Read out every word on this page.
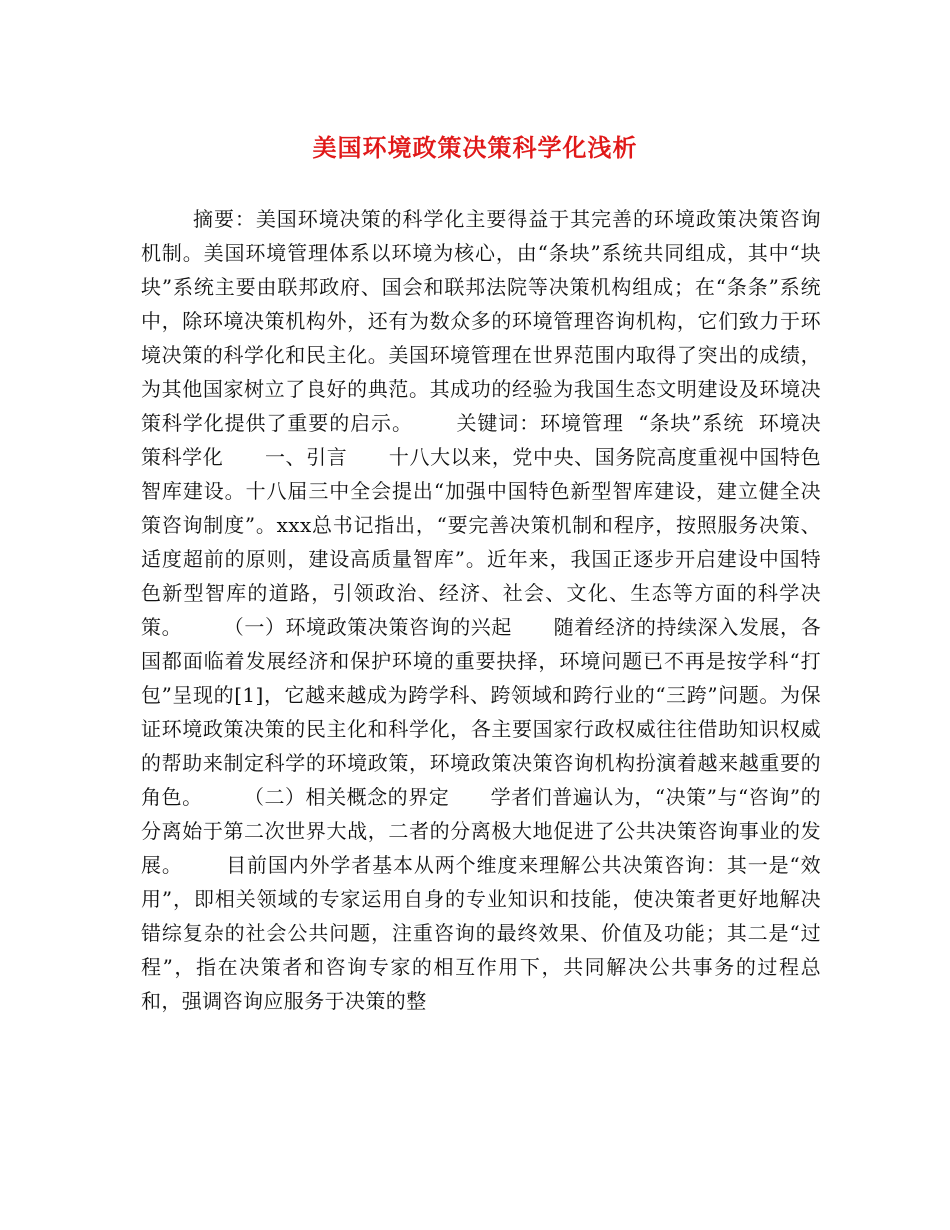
美国环境政策决策科学化浅析
摘要：美国环境决策的科学化主要得益于其完善的环境政策决策咨询机制。美国环境管理体系以环境为核心，由“条块”系统共同组成，其中“块块”系统主要由联邦政府、国会和联邦法院等决策机构组成；在“条条”系统中，除环境决策机构外，还有为数众多的环境管理咨询机构，它们致力于环境决策的科学化和民主化。美国环境管理在世界范围内取得了突出的成绩，为其他国家树立了良好的典范。其成功的经验为我国生态文明建设及环境决策科学化提供了重要的启示。      关键词：环境管理  “条块”系统  环境决策科学化      一、引言      十八大以来，党中央、国务院高度重视中国特色智库建设。十八届三中全会提出“加强中国特色新型智库建设，建立健全决策咨询制度”。xxx总书记指出，“要完善决策机制和程序，按照服务决策、适度超前的原则，建设高质量智库”。近年来，我国正逐步开启建设中国特色新型智库的道路，引领政治、经济、社会、文化、生态等方面的科学决策。      （一）环境政策决策咨询的兴起      随着经济的持续深入发展，各国都面临着发展经济和保护环境的重要抉择，环境问题已不再是按学科“打包”呈现的[1]，它越来越成为跨学科、跨领域和跨行业的“三跨”问题。为保证环境政策决策的民主化和科学化，各主要国家行政权威往往借助知识权威的帮助来制定科学的环境政策，环境政策决策咨询机构扮演着越来越重要的角色。      （二）相关概念的界定      学者们普遍认为，“决策”与“咨询”的分离始于第二次世界大战，二者的分离极大地促进了公共决策咨询事业的发展。      目前国内外学者基本从两个维度来理解公共决策咨询：其一是“效用”，即相关领域的专家运用自身的专业知识和技能，使决策者更好地解决错综复杂的社会公共问题，注重咨询的最终效果、价值及功能；其二是“过程”，指在决策者和咨询专家的相互作用下，共同解决公共事务的过程总和，强调咨询应服务于决策的整
